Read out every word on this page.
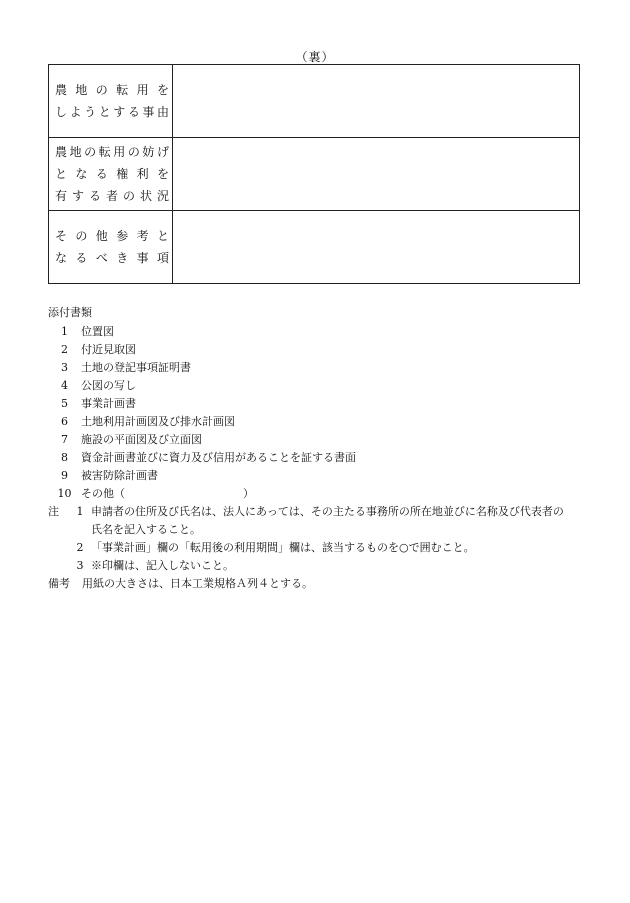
（裏）
農 地 の 転 用 を
しようとする事由	

農地の転用の妨げ
と な る 権 利 を
有する者の状況	

そ の 他 参 考 と
な る べ き 事 項	

添付書類
1	位置図
2	付近見取図
3	土地の登記事項証明書
4	公図の写し
5	事業計画書
6	土地利用計画図及び排水計画図
7	施設の平面図及び立面図
8	資金計画書並びに資力及び信用があることを証する書面
9	被害防除計画書
10 その他（	）
注	1 申請者の住所及び氏名は、法人にあっては、その主たる事務所の所在地並びに名称及び代表者の
氏名を記入すること。
2 「事業計画」欄の「転用後の利用期間」欄は、該当するものを○で囲むこと。
3 ※印欄は、記入しないこと。
備考	用紙の大きさは、日本工業規格Ａ列４とする。
